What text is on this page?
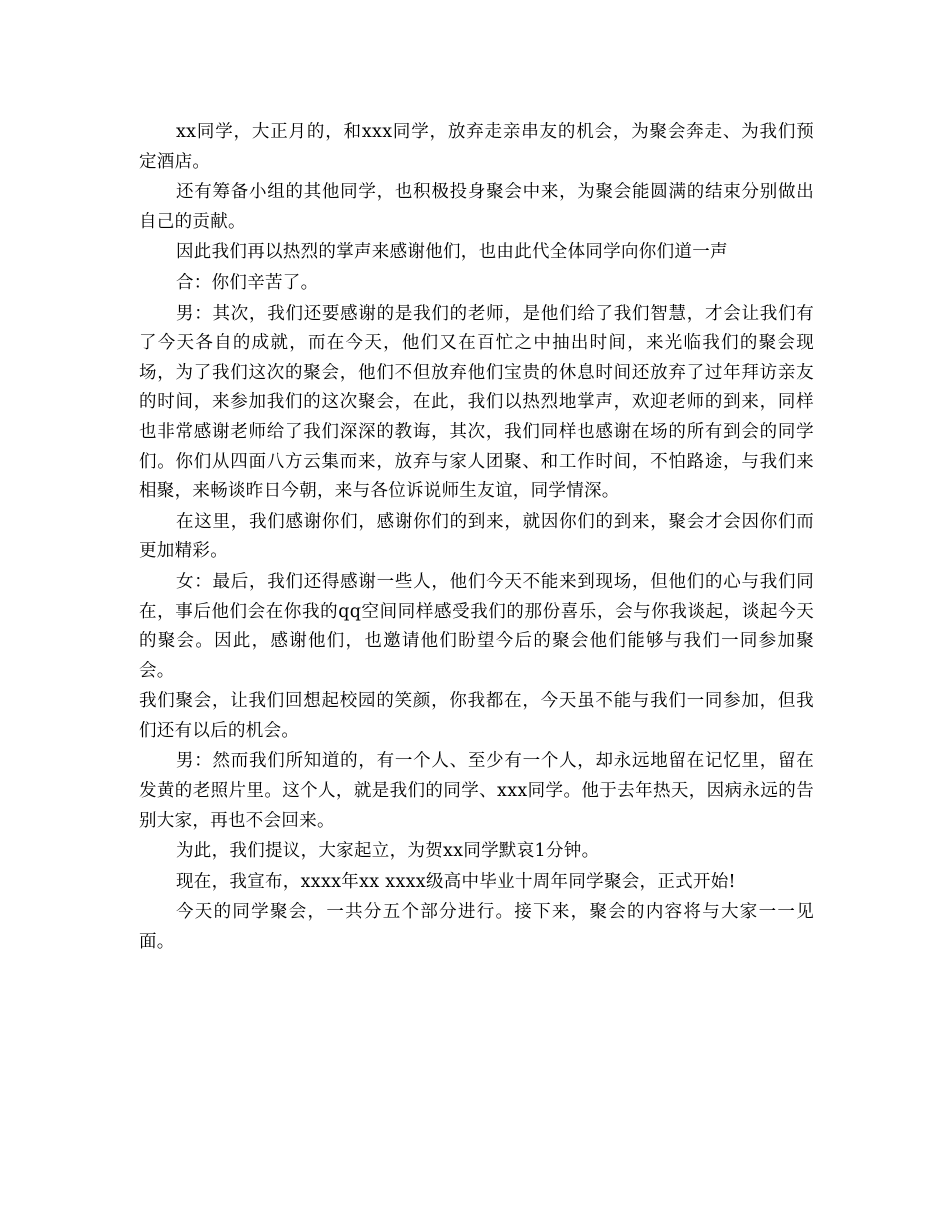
xx同学，大正月的，和xxx同学，放弃走亲串友的机会，为聚会奔走、为我们预定酒店。

还有筹备小组的其他同学，也积极投身聚会中来，为聚会能圆满的结束分别做出自己的贡献。

因此我们再以热烈的掌声来感谢他们，也由此代全体同学向你们道一声

合：你们辛苦了。

男：其次，我们还要感谢的是我们的老师，是他们给了我们智慧，才会让我们有了今天各自的成就，而在今天，他们又在百忙之中抽出时间，来光临我们的聚会现场，为了我们这次的聚会，他们不但放弃他们宝贵的休息时间还放弃了过年拜访亲友的时间，来参加我们的这次聚会，在此，我们以热烈地掌声，欢迎老师的到来，同样也非常感谢老师给了我们深深的教诲，其次，我们同样也感谢在场的所有到会的同学们。你们从四面八方云集而来，放弃与家人团聚、和工作时间，不怕路途，与我们来相聚，来畅谈昨日今朝，来与各位诉说师生友谊，同学情深。

在这里，我们感谢你们，感谢你们的到来，就因你们的到来，聚会才会因你们而更加精彩。

女：最后，我们还得感谢一些人，他们今天不能来到现场，但他们的心与我们同在，事后他们会在你我的qq空间同样感受我们的那份喜乐，会与你我谈起，谈起今天的聚会。因此，感谢他们，也邀请他们盼望今后的聚会他们能够与我们一同参加聚会。

我们聚会，让我们回想起校园的笑颜，你我都在，今天虽不能与我们一同参加，但我们还有以后的机会。

男：然而我们所知道的，有一个人、至少有一个人，却永远地留在记忆里，留在发黄的老照片里。这个人，就是我们的同学、xxx同学。他于去年热天，因病永远的告别大家，再也不会回来。

为此，我们提议，大家起立，为贺xx同学默哀1分钟。

现在，我宣布，xxxx年xx xxxx级高中毕业十周年同学聚会，正式开始!

今天的同学聚会，一共分五个部分进行。接下来，聚会的内容将与大家一一见面。
